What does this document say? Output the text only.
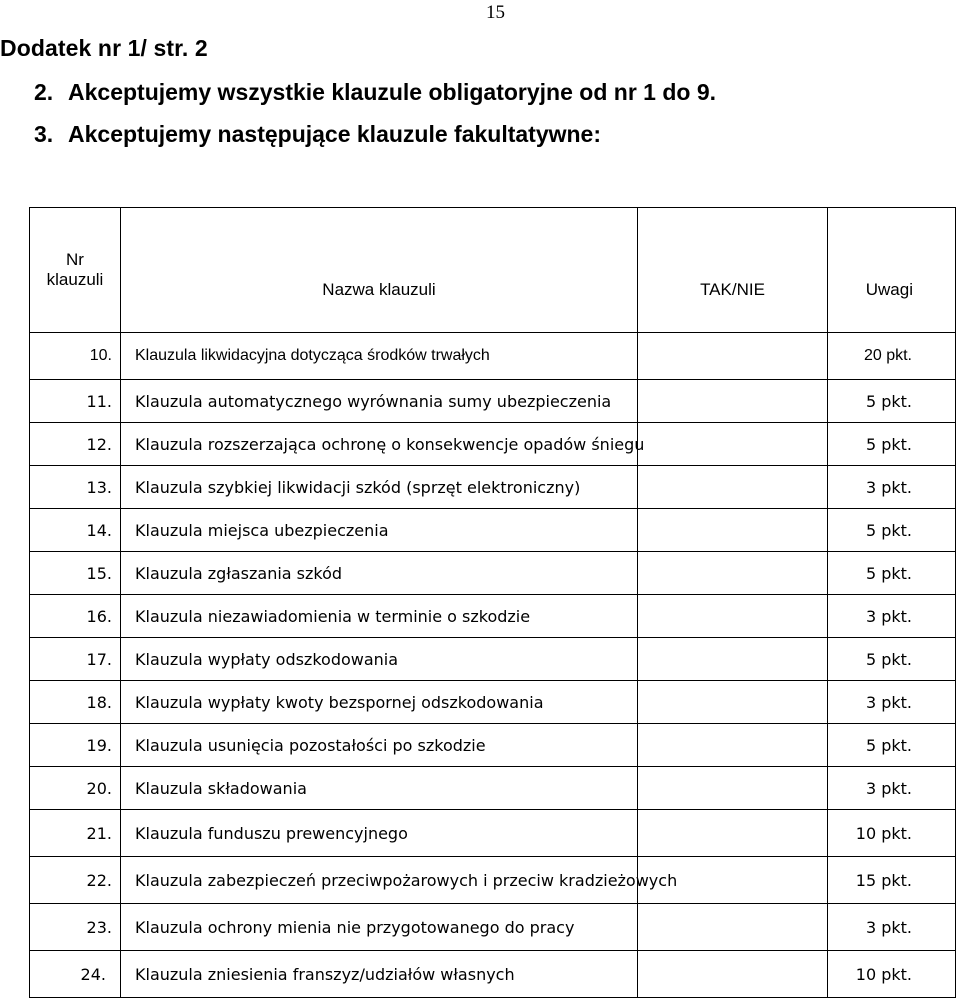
15
Dodatek nr 1/ str. 2
2. Akceptujemy wszystkie klauzule obligatoryjne od nr 1 do 9.
3. Akceptujemy następujące klauzule fakultatywne:
Nr klauzuli	Nazwa klauzuli	TAK/NIE	Uwagi
10.	Klauzula likwidacyjna dotycząca środków trwałych		20 pkt.
11.	Klauzula automatycznego wyrównania sumy ubezpieczenia		5 pkt.
12.	Klauzula rozszerzająca ochronę o konsekwencje opadów śniegu		5 pkt.
13.	Klauzula szybkiej likwidacji szkód (sprzęt elektroniczny)		3 pkt.
14.	Klauzula miejsca ubezpieczenia		5 pkt.
15.	Klauzula zgłaszania szkód		5 pkt.
16.	Klauzula niezawiadomienia w terminie o szkodzie		3 pkt.
17.	Klauzula wypłaty odszkodowania		5 pkt.
18.	Klauzula wypłaty kwoty bezspornej odszkodowania		3 pkt.
19.	Klauzula usunięcia pozostałości po szkodzie		5 pkt.
20.	Klauzula składowania		3 pkt.
21.	Klauzula funduszu prewencyjnego		10 pkt.
22.	Klauzula zabezpieczeń przeciwpożarowych i przeciw kradzieżowych		15 pkt.
23.	Klauzula ochrony mienia nie przygotowanego do pracy		3 pkt.
24.	Klauzula zniesienia franszyz/udziałów własnych		10 pkt.
